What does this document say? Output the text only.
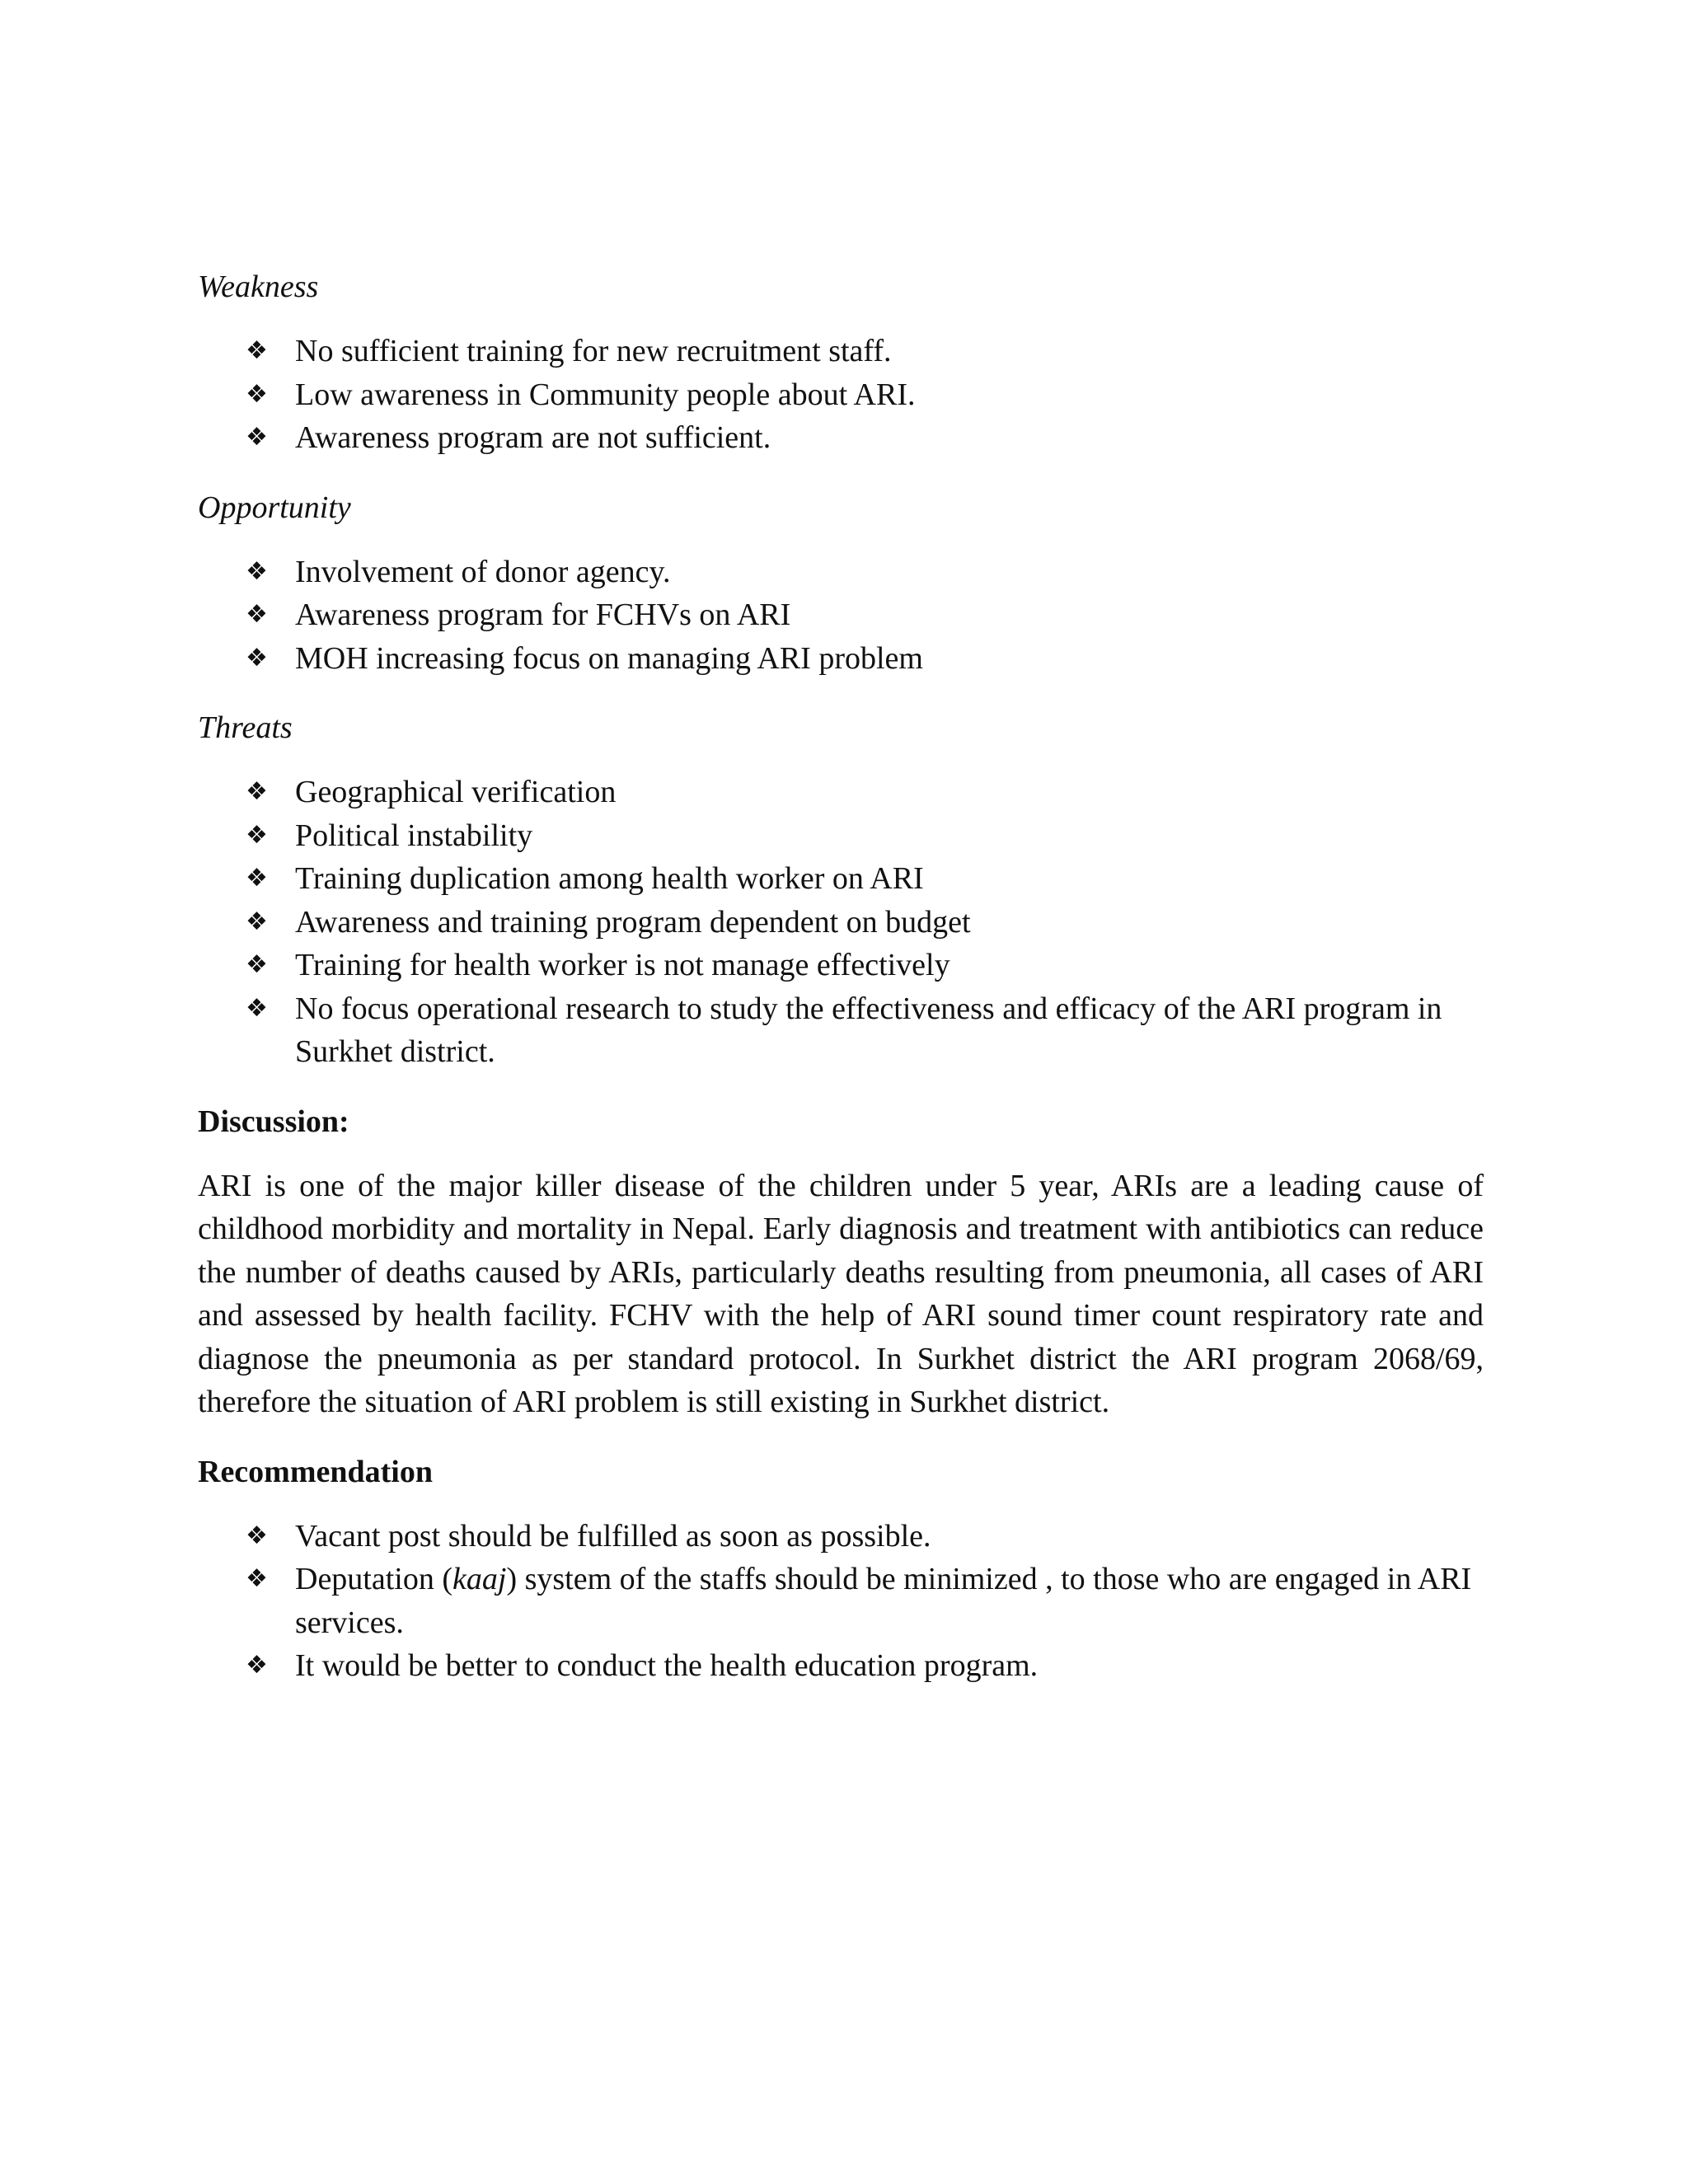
Weakness
❖ No sufficient training for new recruitment staff.
❖ Low awareness in Community people about ARI.
❖ Awareness program are not sufficient.
Opportunity
❖ Involvement of donor agency.
❖ Awareness program for FCHVs on ARI
❖ MOH increasing focus on managing ARI problem
Threats
❖ Geographical verification
❖ Political instability
❖ Training duplication among health worker on ARI
❖ Awareness and training program dependent on budget
❖ Training for health worker is not manage effectively
❖ No focus operational research to study the effectiveness and efficacy of the ARI program in Surkhet district.
Discussion:

ARI is one of the major killer disease of the children under 5 year, ARIs are a leading cause of childhood morbidity and mortality in Nepal. Early diagnosis and treatment with antibiotics can reduce the number of deaths caused by ARIs, particularly deaths resulting from pneumonia, all cases of ARI and assessed by health facility. FCHV with the help of ARI sound timer count respiratory rate and diagnose the pneumonia as per standard protocol. In Surkhet district the ARI program 2068/69, therefore the situation of ARI problem is still existing in Surkhet district.

Recommendation
❖ Vacant post should be fulfilled as soon as possible.
❖ Deputation (kaaj) system of the staffs should be minimized , to those who are engaged in ARI services.
❖ It would be better to conduct the health education program.
